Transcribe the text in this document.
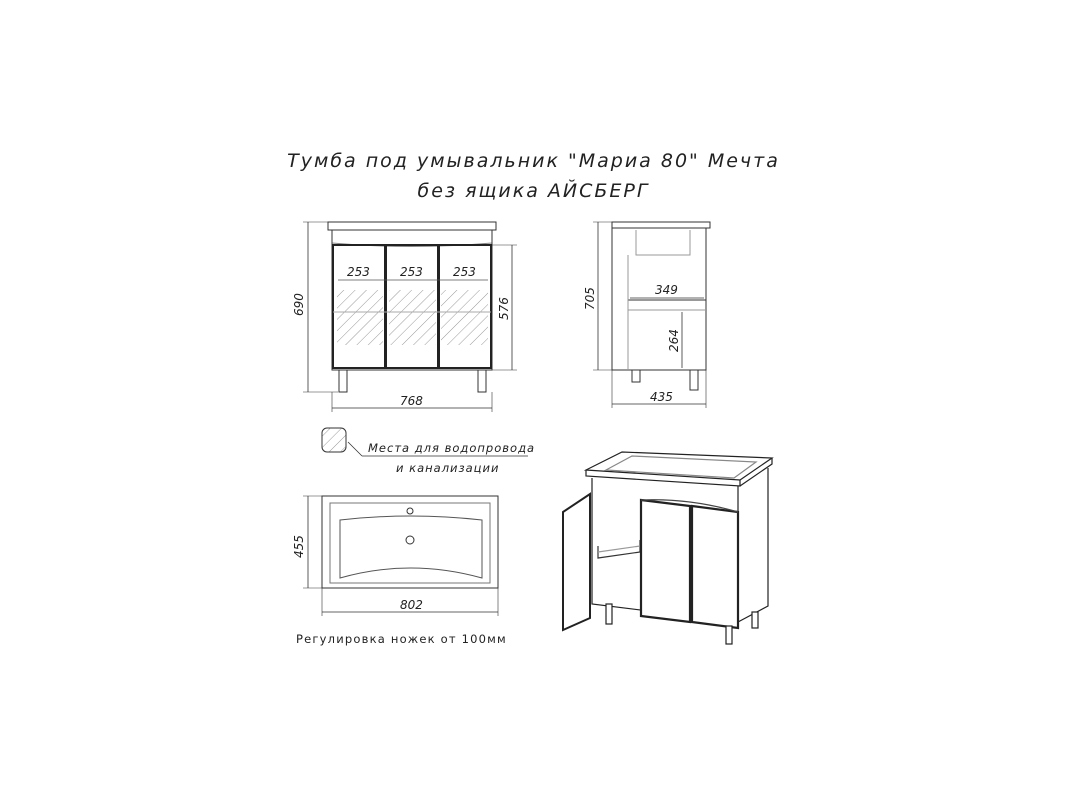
Тумба под умывальник "Мариа 80" Мечта
без ящика АЙСБЕРГ
253	253	253
690	576
768
705	349
264
435
Места для водопровода
и канализации
455
802
Регулировка ножек от 100мм
